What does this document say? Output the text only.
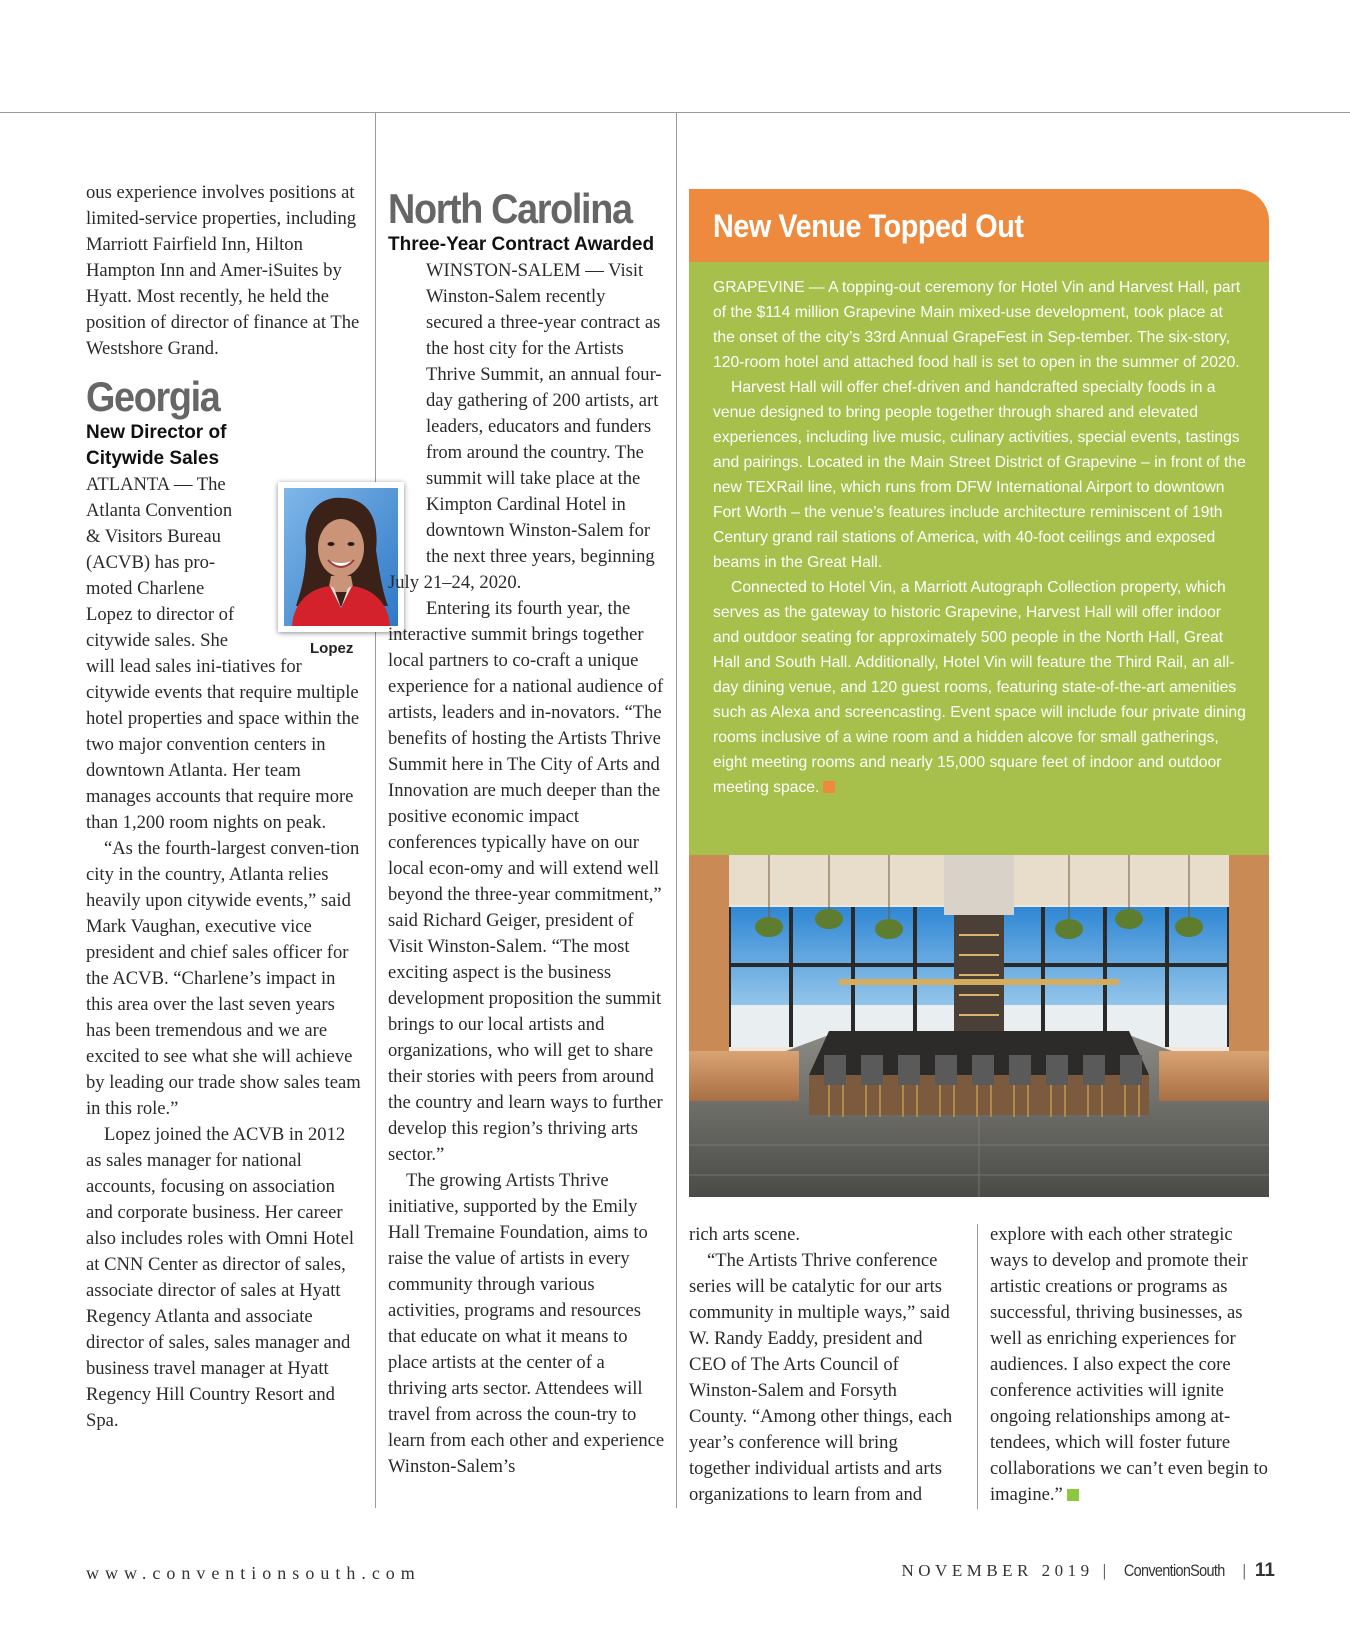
ous experience involves positions at limited-service properties, including Marriott Fairfield Inn, Hilton Hampton Inn and Amer-iSuites by Hyatt. Most recently, he held the position of director of finance at The Westshore Grand.

Georgia
New Director of Citywide Sales

ATLANTA — The Atlanta Convention & Visitors Bureau (ACVB) has pro-moted Charlene Lopez to director of citywide sales. She will lead sales ini-tiatives for citywide events that require multiple hotel properties and space within the two major convention centers in downtown Atlanta. Her team manages accounts that require more than 1,200 room nights on peak.

“As the fourth-largest conven-tion city in the country, Atlanta relies heavily upon citywide events,” said Mark Vaughan, executive vice president and chief sales officer for the ACVB. “Charlene’s impact in this area over the last seven years has been tremendous and we are excited to see what she will achieve by leading our trade show sales team in this role.”

Lopez joined the ACVB in 2012 as sales manager for national accounts, focusing on association and corporate business. Her career also includes roles with Omni Hotel at CNN Center as director of sales, associate director of sales at Hyatt Regency Atlanta and associate director of sales, sales manager and business travel manager at Hyatt Regency Hill Country Resort and Spa.

Lopez
North Carolina
Three-Year Contract Awarded

WINSTON-SALEM — Visit Winston-Salem recently secured a three-year contract as the host city for the Artists Thrive Summit, an annual four-day gathering of 200 artists, art leaders, educators and funders from around the country. The summit will take place at the Kimpton Cardinal Hotel in downtown Winston-Salem for the next three years, beginning July 21–24, 2020.

Entering its fourth year, the interactive summit brings together local partners to co-craft a unique experience for a national audience of artists, leaders and in-novators. “The benefits of hosting the Artists Thrive Summit here in The City of Arts and Innovation are much deeper than the positive economic impact conferences typically have on our local econ-omy and will extend well beyond the three-year commitment,” said Richard Geiger, president of Visit Winston-Salem. “The most exciting aspect is the business development proposition the summit brings to our local artists and organizations, who will get to share their stories with peers from around the country and learn ways to further develop this region’s thriving arts sector.”

The growing Artists Thrive initiative, supported by the Emily Hall Tremaine Foundation, aims to raise the value of artists in every community through various activities, programs and resources that educate on what it means to place artists at the center of a thriving arts sector. Attendees will travel from across the coun-try to learn from each other and experience Winston-Salem’s

New Venue Topped Out

GRAPEVINE — A topping-out ceremony for Hotel Vin and Harvest Hall, part of the $114 million Grapevine Main mixed-use development, took place at the onset of the city’s 33rd Annual GrapeFest in Sep-tember. The six-story, 120-room hotel and attached food hall is set to open in the summer of 2020.

Harvest Hall will offer chef-driven and handcrafted specialty foods in a venue designed to bring people together through shared and elevated experiences, including live music, culinary activities, special events, tastings and pairings. Located in the Main Street District of Grapevine – in front of the new TEXRail line, which runs from DFW International Airport to downtown Fort Worth – the venue’s features include architecture reminiscent of 19th Century grand rail stations of America, with 40-foot ceilings and exposed beams in the Great Hall.

Connected to Hotel Vin, a Marriott Autograph Collection property, which serves as the gateway to historic Grapevine, Harvest Hall will offer indoor and outdoor seating for approximately 500 people in the North Hall, Great Hall and South Hall. Additionally, Hotel Vin will feature the Third Rail, an all-day dining venue, and 120 guest rooms, featuring state-of-the-art amenities such as Alexa and screencasting. Event space will include four private dining rooms inclusive of a wine room and a hidden alcove for small gatherings, eight meeting rooms and nearly 15,000 square feet of indoor and outdoor meeting space.

rich arts scene.

“The Artists Thrive conference series will be catalytic for our arts community in multiple ways,” said W. Randy Eaddy, president and CEO of The Arts Council of Winston-Salem and Forsyth County. “Among other things, each year’s conference will bring together individual artists and arts organizations to learn from and

explore with each other strategic ways to develop and promote their artistic creations or programs as successful, thriving businesses, as well as enriching experiences for audiences. I also expect the core conference activities will ignite ongoing relationships among at-tendees, which will foster future collaborations we can’t even begin to imagine.”

www.conventionsouth.com	NOVEMBER 2019 | ConventionSouth | 11
